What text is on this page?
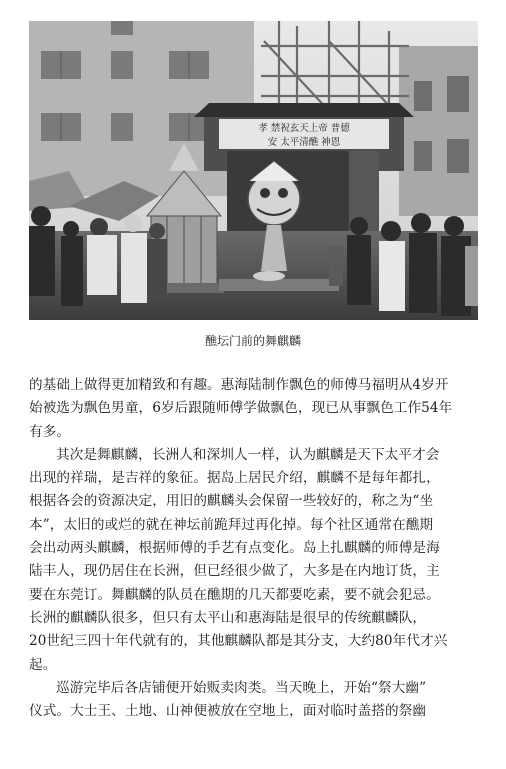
孝 禁祝玄天上帝 普德
安 太平清醮 神恩
醮坛门前的舞麒麟

的基础上做得更加精致和有趣。惠海陆制作飘色的师傅马福明从4岁开
始被选为飘色男童，6岁后跟随师傅学做飘色，现已从事飘色工作54年
有多。

其次是舞麒麟，长洲人和深圳人一样，认为麒麟是天下太平才会
出现的祥瑞，是吉祥的象征。据岛上居民介绍，麒麟不是每年都扎，
根据各会的资源决定，用旧的麒麟头会保留一些较好的，称之为“坐
本”，太旧的或烂的就在神坛前跪拜过再化掉。每个社区通常在醮期
会出动两头麒麟，根据师傅的手艺有点变化。岛上扎麒麟的师傅是海
陆丰人，现仍居住在长洲，但已经很少做了，大多是在内地订货，主
要在东莞订。舞麒麟的队员在醮期的几天都要吃素，要不就会犯忌。
长洲的麒麟队很多，但只有太平山和惠海陆是很早的传统麒麟队，
20世纪三四十年代就有的，其他麒麟队都是其分支，大约80年代才兴
起。

巡游完毕后各店铺便开始贩卖肉类。当天晚上，开始“祭大幽”
仪式。大士王、土地、山神便被放在空地上，面对临时盖搭的祭幽
